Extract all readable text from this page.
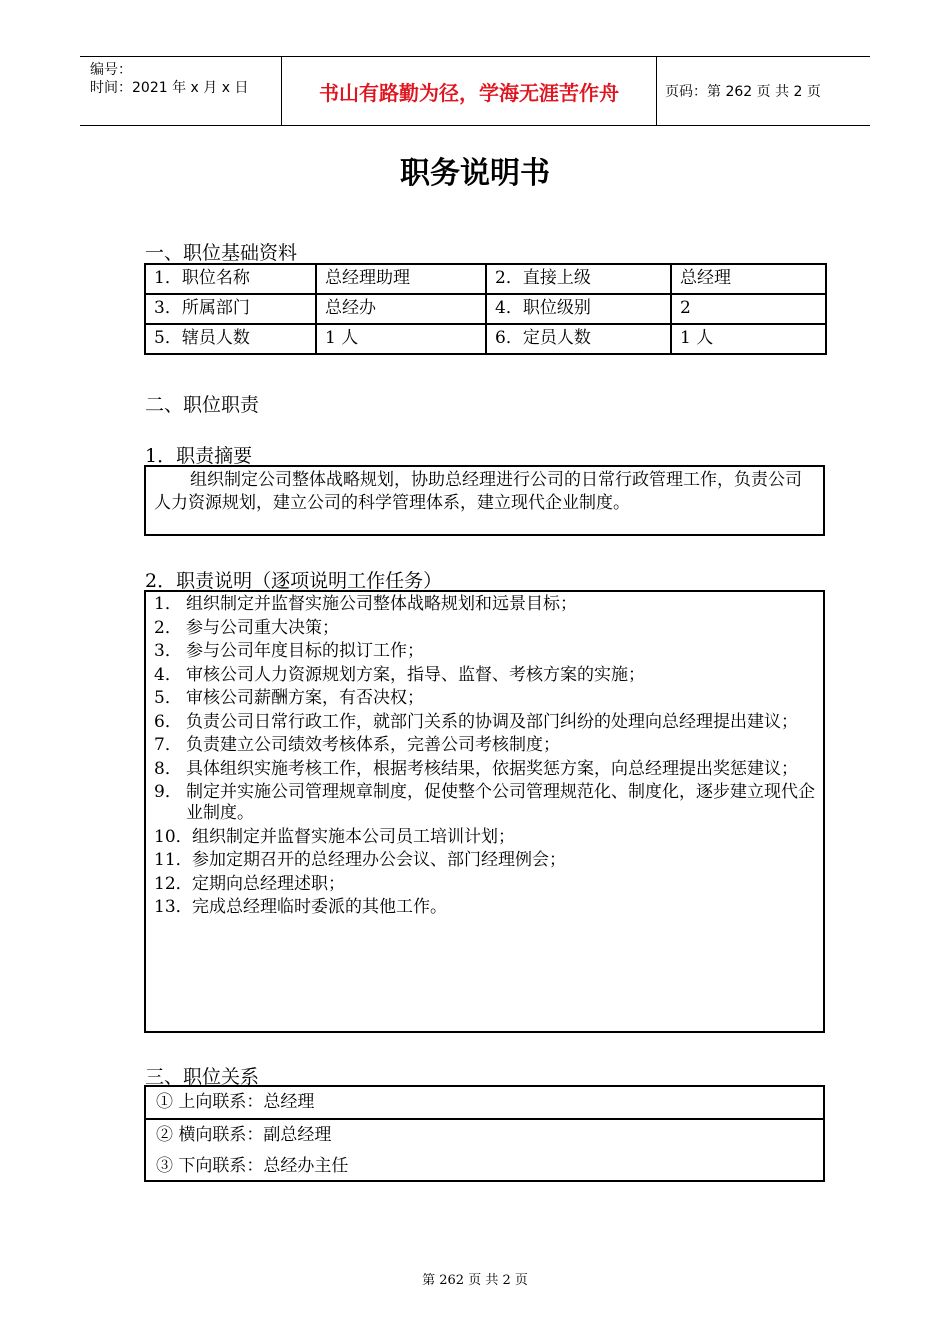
编号：
时间：2021 年 x 月 x 日	书山有路勤为径，学海无涯苦作舟	页码：第 262 页 共 2 页
职务说明书
一、职位基础资料
1．职位名称	总经理助理	2．直接上级	总经理
3．所属部门	总经办	4．职位级别	2
5．辖员人数	1 人	6．定员人数	1 人
二、职位职责
1．职责摘要

组织制定公司整体战略规划，协助总经理进行公司的日常行政管理工作，负责公司人力资源规划，建立公司的科学管理体系，建立现代企业制度。

2．职责说明（逐项说明工作任务）
1． 组织制定并监督实施公司整体战略规划和远景目标；
2． 参与公司重大决策；
3． 参与公司年度目标的拟订工作；
4． 审核公司人力资源规划方案，指导、监督、考核方案的实施；
5． 审核公司薪酬方案，有否决权；
6． 负责公司日常行政工作，就部门关系的协调及部门纠纷的处理向总经理提出建议；
7． 负责建立公司绩效考核体系，完善公司考核制度；
8． 具体组织实施考核工作，根据考核结果，依据奖惩方案，向总经理提出奖惩建议；
9． 制定并实施公司管理规章制度，促使整个公司管理规范化、制度化，逐步建立现代企业制度。
10． 组织制定并监督实施本公司员工培训计划；
11． 参加定期召开的总经理办公会议、部门经理例会；
12． 定期向总经理述职；
13． 完成总经理临时委派的其他工作。
三、职位关系
① 上向联系：总经理
② 横向联系：副总经理
③ 下向联系：总经办主任
第 262 页 共 2 页
